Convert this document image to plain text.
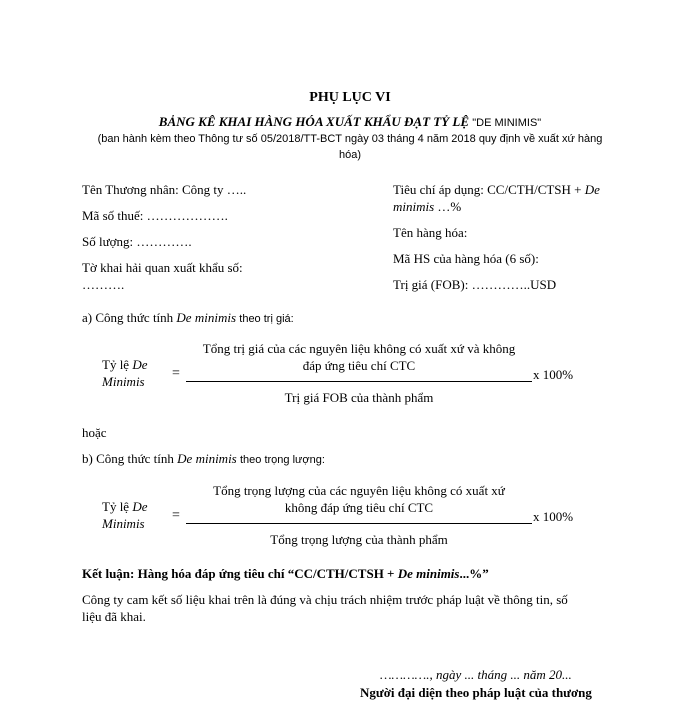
PHỤ LỤC VI
BẢNG KÊ KHAI HÀNG HÓA XUẤT KHẨU ĐẠT TỶ LỆ "DE MINIMIS"
(ban hành kèm theo Thông tư số 05/2018/TT-BCT ngày 03 tháng 4 năm 2018 quy định về xuất xứ hàng
hóa)
Tên Thương nhân: Công ty …..
Mã số thuế: ……………….
Số lượng: ………….
Tờ khai hải quan xuất khẩu số:
……….
Tiêu chí áp dụng: CC/CTH/CTSH + De
minimis …%
Tên hàng hóa:
Mã HS của hàng hóa (6 số):
Trị giá (FOB): …………..USD
a) Công thức tính De minimis theo trị giá:
Tỷ lệ De
Minimis
=
Tổng trị giá của các nguyên liệu không có xuất xứ và không
đáp ứng tiêu chí CTC
Trị giá FOB của thành phẩm
x 100%
hoặc
b) Công thức tính De minimis theo trọng lượng:
Tỷ lệ De
Minimis
=
Tổng trọng lượng của các nguyên liệu không có xuất xứ
không đáp ứng tiêu chí CTC
Tổng trọng lượng của thành phẩm
x 100%
Kết luận: Hàng hóa đáp ứng tiêu chí “CC/CTH/CTSH + De minimis...%”
Công ty cam kết số liệu khai trên là đúng và chịu trách nhiệm trước pháp luật về thông tin, số
liệu đã khai.
…………., ngày ... tháng ... năm 20...
Người đại diện theo pháp luật của thương
